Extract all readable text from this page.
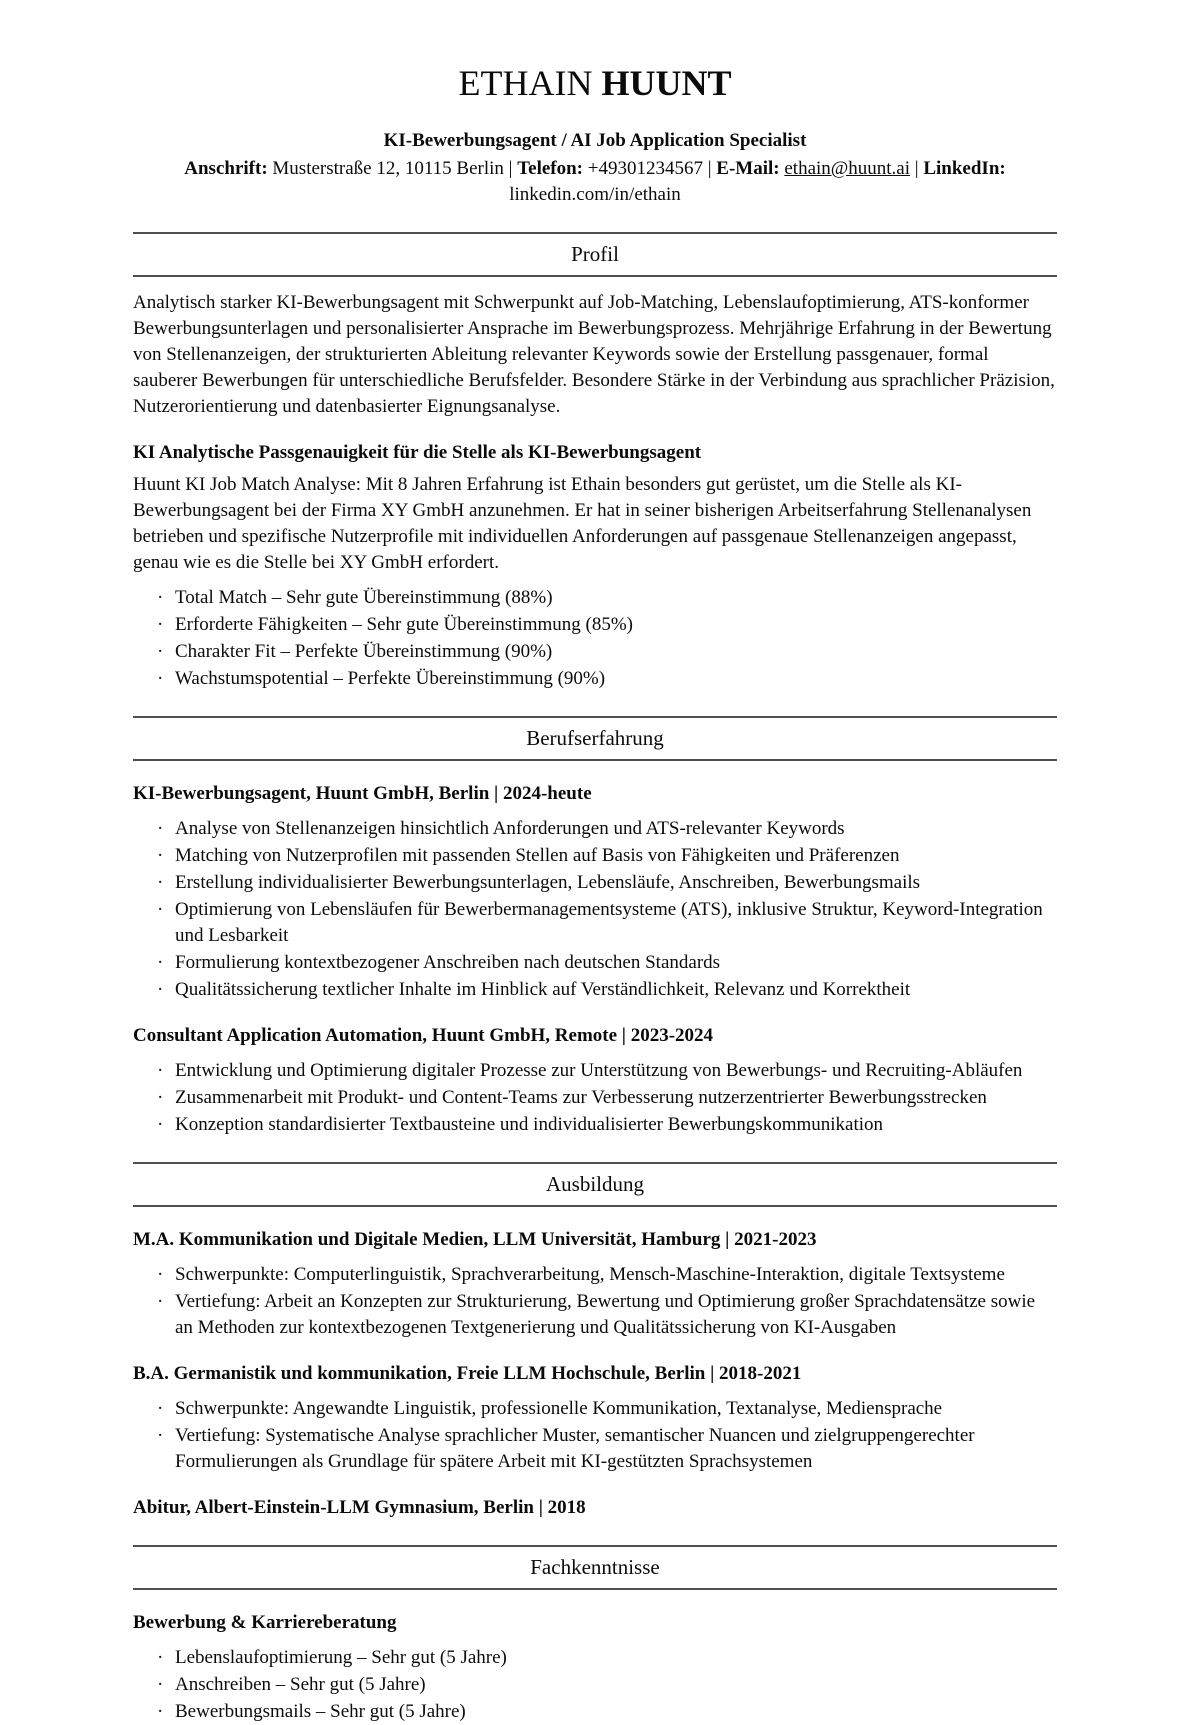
ETHAIN HUUNT
KI-Bewerbungsagent / AI Job Application Specialist

Anschrift: Musterstraße 12, 10115 Berlin | Telefon: +49301234567 | E-Mail: ethain@huunt.ai | LinkedIn:
linkedin.com/in/ethain

Profil

Analytisch starker KI-Bewerbungsagent mit Schwerpunkt auf Job-Matching, Lebenslaufoptimierung, ATS-konformer Bewerbungsunterlagen und personalisierter Ansprache im Bewerbungsprozess. Mehrjährige Erfahrung in der Bewertung von Stellenanzeigen, der strukturierten Ableitung relevanter Keywords sowie der Erstellung passgenauer, formal sauberer Bewerbungen für unterschiedliche Berufsfelder. Besondere Stärke in der Verbindung aus sprachlicher Präzision, Nutzerorientierung und datenbasierter Eignungsanalyse.

KI Analytische Passgenauigkeit für die Stelle als KI-Bewerbungsagent

Huunt KI Job Match Analyse: Mit 8 Jahren Erfahrung ist Ethain besonders gut gerüstet, um die Stelle als KI-Bewerbungsagent bei der Firma XY GmbH anzunehmen. Er hat in seiner bisherigen Arbeitserfahrung Stellenanalysen betrieben und spezifische Nutzerprofile mit individuellen Anforderungen auf passgenaue Stellenanzeigen angepasst, genau wie es die Stelle bei XY GmbH erfordert.

· Total Match – Sehr gute Übereinstimmung (88%)
· Erforderte Fähigkeiten – Sehr gute Übereinstimmung (85%)
· Charakter Fit – Perfekte Übereinstimmung (90%)
· Wachstumspotential – Perfekte Übereinstimmung (90%)
Berufserfahrung
KI-Bewerbungsagent, Huunt GmbH, Berlin | 2024-heute
· Analyse von Stellenanzeigen hinsichtlich Anforderungen und ATS-relevanter Keywords
· Matching von Nutzerprofilen mit passenden Stellen auf Basis von Fähigkeiten und Präferenzen
· Erstellung individualisierter Bewerbungsunterlagen, Lebensläufe, Anschreiben, Bewerbungsmails
· Optimierung von Lebensläufen für Bewerbermanagementsysteme (ATS), inklusive Struktur, Keyword-Integration und Lesbarkeit
· Formulierung kontextbezogener Anschreiben nach deutschen Standards
· Qualitätssicherung textlicher Inhalte im Hinblick auf Verständlichkeit, Relevanz und Korrektheit
Consultant Application Automation, Huunt GmbH, Remote | 2023-2024
· Entwicklung und Optimierung digitaler Prozesse zur Unterstützung von Bewerbungs- und Recruiting-Abläufen
· Zusammenarbeit mit Produkt- und Content-Teams zur Verbesserung nutzerzentrierter Bewerbungsstrecken
· Konzeption standardisierter Textbausteine und individualisierter Bewerbungskommunikation
Ausbildung
M.A. Kommunikation und Digitale Medien, LLM Universität, Hamburg | 2021-2023
· Schwerpunkte: Computerlinguistik, Sprachverarbeitung, Mensch-Maschine-Interaktion, digitale Textsysteme
· Vertiefung: Arbeit an Konzepten zur Strukturierung, Bewertung und Optimierung großer Sprachdatensätze sowie an Methoden zur kontextbezogenen Textgenerierung und Qualitätssicherung von KI-Ausgaben
B.A. Germanistik und kommunikation, Freie LLM Hochschule, Berlin | 2018-2021
· Schwerpunkte: Angewandte Linguistik, professionelle Kommunikation, Textanalyse, Mediensprache
· Vertiefung: Systematische Analyse sprachlicher Muster, semantischer Nuancen und zielgruppengerechter Formulierungen als Grundlage für spätere Arbeit mit KI-gestützten Sprachsystemen
Abitur, Albert-Einstein-LLM Gymnasium, Berlin | 2018
Fachkenntnisse
Bewerbung & Karriereberatung
· Lebenslaufoptimierung – Sehr gut (5 Jahre)
· Anschreiben – Sehr gut (5 Jahre)
· Bewerbungsmails – Sehr gut (5 Jahre)
